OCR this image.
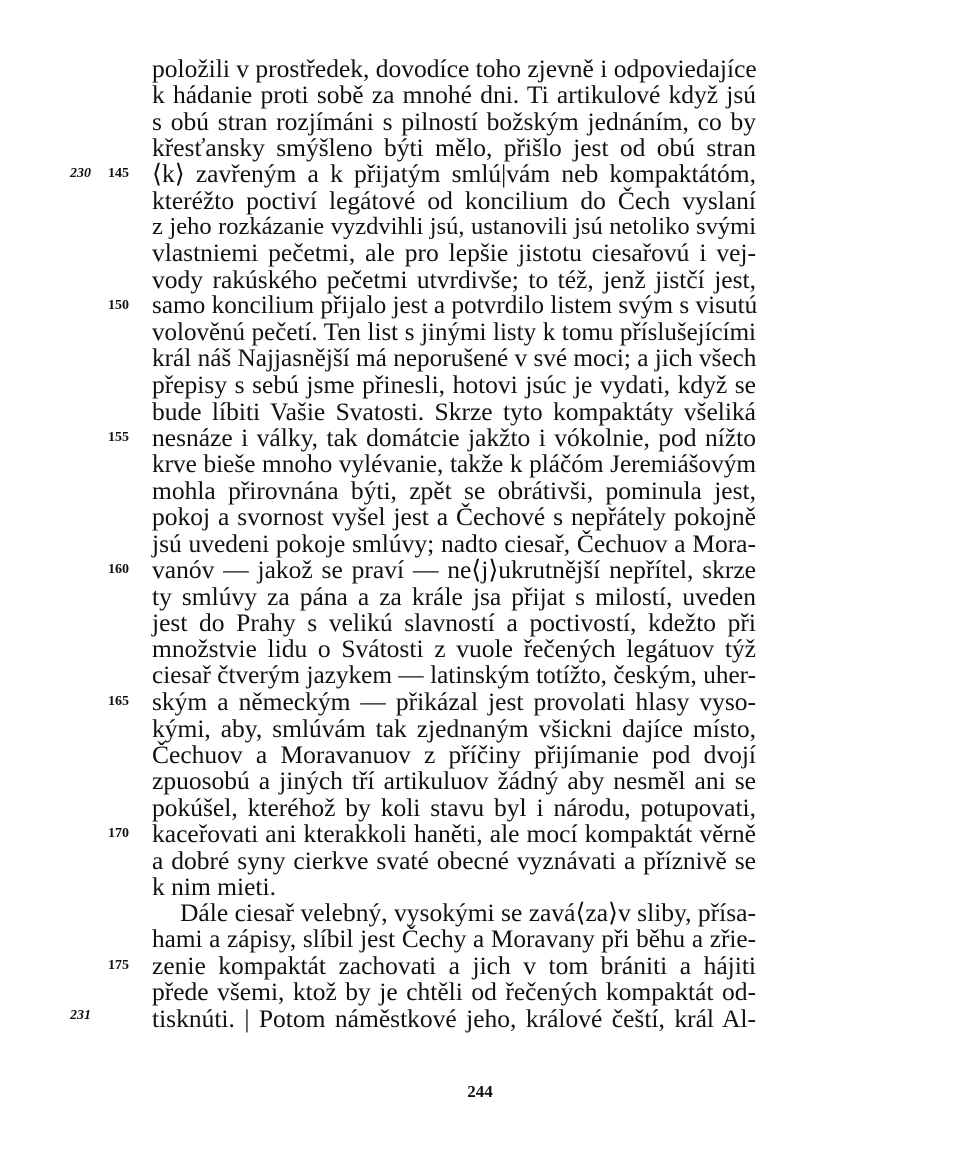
230
231
145
150
155
160
165
170
175
položili v prostředek, dovodíce toho zjevně i odpoviedajíce
k hádanie proti sobě za mnohé dni. Ti artikulové když jsú
s obú stran rozjímáni s pilností božským jednáním, co by
křesťansky smýšleno býti mělo, přišlo jest od obú stran
⟨k⟩ zavřeným a k přijatým smlú|vám neb kompaktátóm,
kteréžto poctiví legátové od koncilium do Čech vyslaní
z jeho rozkázanie vyzdvihli jsú, ustanovili jsú netoliko svými
vlastniemi pečetmi, ale pro lepšie jistotu ciesařovú i vej-
vody rakúského pečetmi utvrdivše; to též, jenž jistčí jest,
samo koncilium přijalo jest a potvrdilo listem svým s visutú
volověnú pečetí. Ten list s jinými listy k tomu příslušejícími
král náš Najjasnější má neporušené v své moci; a jich všech
přepisy s sebú jsme přinesli, hotovi jsúc je vydati, když se
bude líbiti Vašie Svatosti. Skrze tyto kompaktáty všeliká
nesnáze i války, tak domátcie jakžto i vókolnie, pod nížto
krve bieše mnoho vylévanie, takže k pláčóm Jeremiášovým
mohla přirovnána býti, zpět se obrátivši, pominula jest,
pokoj a svornost vyšel jest a Čechové s nepřátely pokojně
jsú uvedeni pokoje smlúvy; nadto ciesař, Čechuov a Mora-
vanóv — jakož se praví — ne⟨j⟩ukrutnější nepřítel, skrze
ty smlúvy za pána a za krále jsa přijat s milostí, uveden
jest do Prahy s velikú slavností a poctivostí, kdežto při
množstvie lidu o Svátosti z vuole řečených legátuov týž
ciesař čtverým jazykem — latinským totížto, českým, uher-
ským a německým — přikázal jest provolati hlasy vyso-
kými, aby, smlúvám tak zjednaným všickni dajíce místo,
Čechuov a Moravanuov z příčiny přijímanie pod dvojí
zpuosobú a jiných tří artikuluov žádný aby nesměl ani se
pokúšel, kteréhož by koli stavu byl i národu, potupovati,
kaceřovati ani kterakkoli haněti, ale mocí kompaktát věrně
a dobré syny cierkve svaté obecné vyznávati a příznivě se
k nim mieti.
Dále ciesař velebný, vysokými se zavá⟨za⟩v sliby, přísa-
hami a zápisy, slíbil jest Čechy a Moravany při běhu a zřie-
zenie kompaktát zachovati a jich v tom brániti a hájiti
přede všemi, ktož by je chtěli od řečených kompaktát od-
tisknúti. | Potom náměstkové jeho, králové čeští, král Al-
244
